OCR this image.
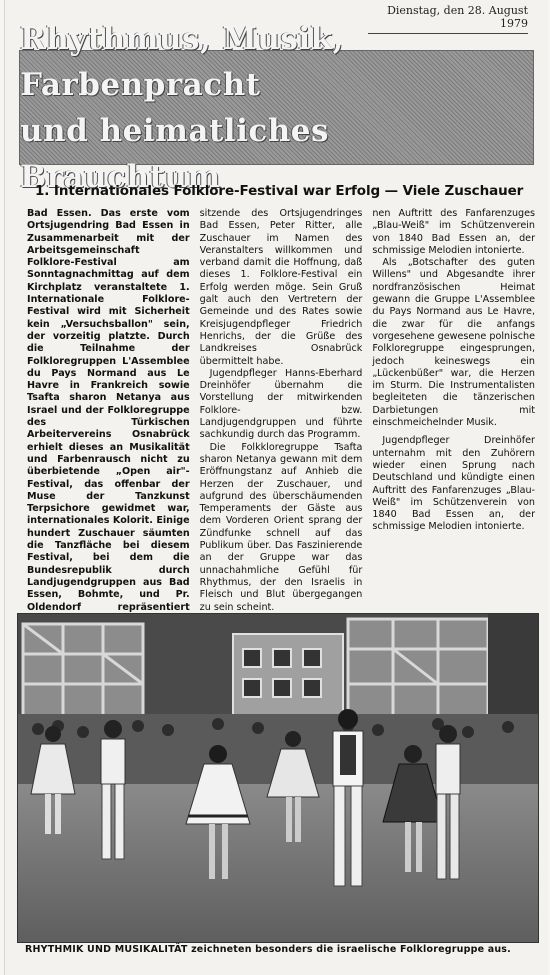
Dienstag, den 28. August 1979
Rhythmus, Musik, Farbenpracht
und heimatliches Brauchtum
1. Internationales Folklore-Festival war Erfolg — Viele Zuschauer

Bad Essen. Das erste vom Ortsjugendring Bad Essen in Zusammenarbeit mit der Arbeitsgemeinschaft Folklore-Festival am Sonntagnachmittag auf dem Kirchplatz veranstaltete 1. Internationale Folklore-Festival wird mit Sicherheit kein „Versuchsballon" sein, der vorzeitig platzte. Durch die Teilnahme der Folkloregruppen L'Assemblee du Pays Normand aus Le Havre in Frankreich sowie Tsafta sharon Netanya aus Israel und der Folkloregruppe des Türkischen Arbeitervereins Osnabrück erhielt dieses an Musikalität und Farbenrausch nicht zu überbietende „Open air"-Festival, das offenbar der Muse der Tanzkunst Terpsichore gewidmet war, internationales Kolorit. Einige hundert Zuschauer säumten die Tanzfläche bei diesem Festival, bei dem die Bundesrepublik durch Landjugendgruppen aus Bad Essen, Bohmte, und Pr. Oldendorf repräsentiert

sitzende des Ortsjugendringes Bad Essen, Peter Ritter, alle Zuschauer im Namen des Veranstalters willkommen und verband damit die Hoffnung, daß dieses 1. Folklore-Festival ein Erfolg werden möge. Sein Gruß galt auch den Vertretern der Gemeinde und des Rates sowie Kreisjugendpfleger Friedrich Henrichs, der die Grüße des Landkreises Osnabrück übermittelt habe.

Jugendpfleger Hanns-Eberhard Dreinhöfer übernahm die Vorstellung der mitwirkenden Folklore- bzw. Landjugendgruppen und führte sachkundig durch das Programm.

Die Folkkloregruppe Tsafta sharon Netanya gewann mit dem Eröffnungstanz auf Anhieb die Herzen der Zuschauer, und aufgrund des überschäumenden Temperaments der Gäste aus dem Vorderen Orient sprang der Zündfunke schnell auf das Publikum über. Das Faszinierende an der Gruppe war das unnachahmliche Gefühl für Rhythmus, der den Israelis in Fleisch und Blut übergegangen zu sein scheint.

nen Auftritt des Fanfarenzuges „Blau-Weiß" im Schützenverein von 1840 Bad Essen an, der schmissige Melodien intonierte.

Als „Botschafter des guten Willens" und Abgesandte ihrer nordfranzösischen Heimat gewann die Gruppe L'Assemblee du Pays Normand aus Le Havre, die zwar für die anfangs vorgesehene gewesene polnische Folkloregruppe eingesprungen, jedoch keineswegs ein „Lückenbüßer" war, die Herzen im Sturm. Die Instrumentalisten begleiteten die tänzerischen Darbietungen mit einschmeichelnder Musik.

Jugendpfleger Dreinhöfer unternahm mit den Zuhörern wieder einen Sprung nach Deutschland und kündigte einen Auftritt des Fanfarenzuges „Blau-Weiß" im Schützenverein von 1840 Bad Essen an, der schmissige Melodien intonierte.

RHYTHMIK UND MUSIKALITÄT zeichneten besonders die israelische Folkloregruppe aus.
